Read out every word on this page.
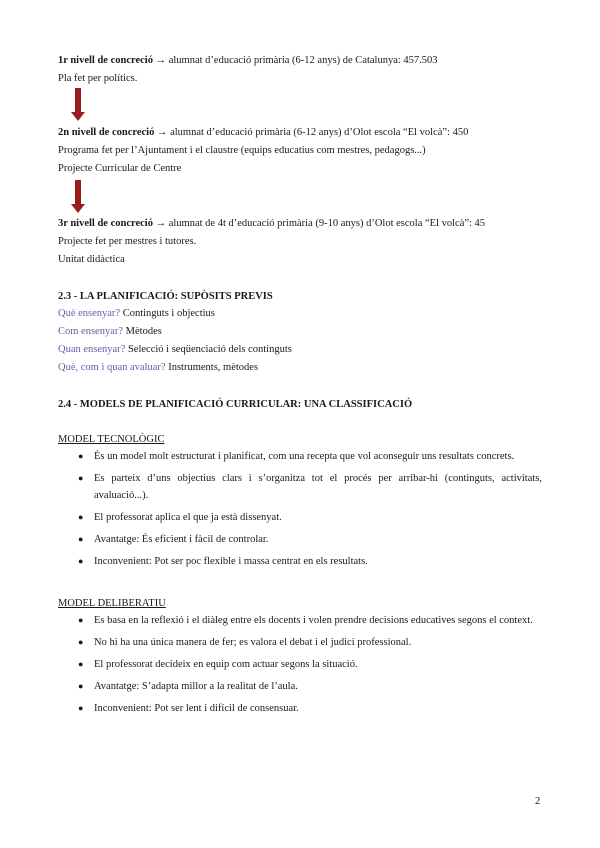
1r nivell de concreció → alumnat d’educació primària (6-12 anys) de Catalunya: 457.503
Pla fet per polítics.
2n nivell de concreció → alumnat d’educació primària (6-12 anys) d’Olot escola “El volcà”: 450
Programa fet per l’Ajuntament i el claustre (equips educatius com mestres, pedagogs...)
Projecte Curricular de Centre
3r nivell de concreció → alumnat de 4t d’educació primària (9-10 anys) d’Olot escola “El volcà”: 45
Projecte fet per mestres i tutores.
Unitat didàctica
2.3 - LA PLANIFICACIÓ: SUPÒSITS PREVIS
Què ensenyar? Continguts i objectius
Com ensenyar? Mètodes
Quan ensenyar? Selecció i seqüenciació dels continguts
Què, com i quan avaluar? Instruments, mètodes
2.4 - MODELS DE PLANIFICACIÓ CURRICULAR: UNA CLASSIFICACIÓ
MODEL TECNOLÒGIC
● És un model molt estructurat i planificat, com una recepta que vol aconseguir uns resultats concrets.
● Es parteix d’uns objectius clars i s’organitza tot el procés per arribar-hi (continguts, activitats, avaluació...).
● El professorat aplica el que ja està dissenyat.
● Avantatge: És eficient i fàcil de controlar.
● Inconvenient: Pot ser poc flexible i massa centrat en els resultats.
MODEL DELIBERATIU
● Es basa en la reflexió i el diàleg entre els docents i volen prendre decisions educatives segons el context.
● No hi ha una única manera de fer; es valora el debat i el judici professional.
● El professorat decideix en equip com actuar segons la situació.
● Avantatge: S’adapta millor a la realitat de l’aula.
● Inconvenient: Pot ser lent i difícil de consensuar.
2
